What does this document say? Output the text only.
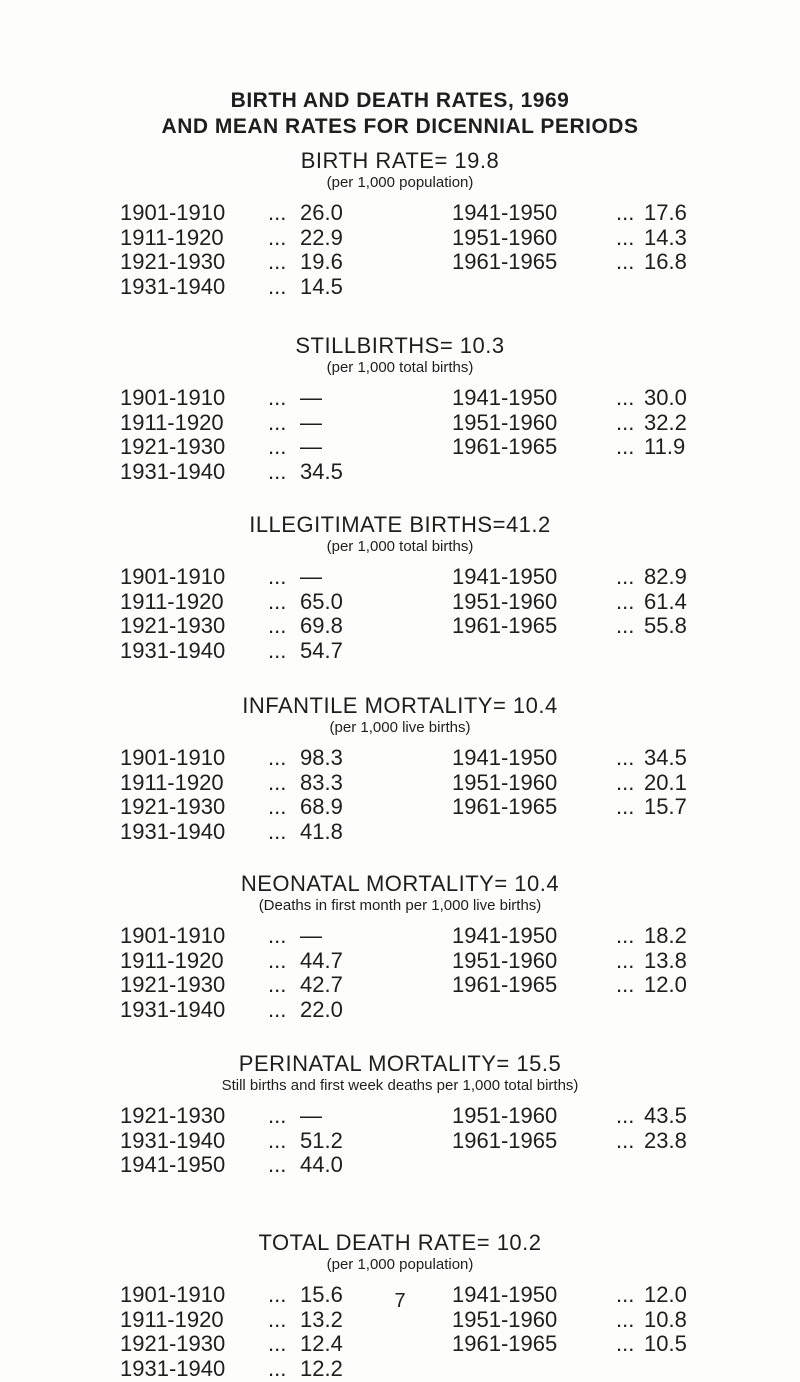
BIRTH AND DEATH RATES, 1969
AND MEAN RATES FOR DICENNIAL PERIODS
BIRTH RATE= 19.8
(per 1,000 population)
1901-1910 ... 26.0	1941-1950	... 17.6
1911-1920 ... 22.9	1951-1960	... 14.3
1921-1930 ... 19.6	1961-1965	... 16.8
1931-1940 ... 14.5
STILLBIRTHS= 10.3
(per 1,000 total births)
1901-1910 ... —	1941-1950	... 30.0
1911-1920 ... —	1951-1960	... 32.2
1921-1930 ... —	1961-1965	... 11.9
1931-1940 ... 34.5
ILLEGITIMATE BIRTHS=41.2
(per 1,000 total births)
1901-1910 ... —	1941-1950	... 82.9
1911-1920 ... 65.0	1951-1960	... 61.4
1921-1930 ... 69.8	1961-1965	... 55.8
1931-1940 ... 54.7
INFANTILE MORTALITY= 10.4
(per 1,000 live births)
1901-1910 ... 98.3	1941-1950	... 34.5
1911-1920 ... 83.3	1951-1960	... 20.1
1921-1930 ... 68.9	1961-1965	... 15.7
1931-1940 ... 41.8
NEONATAL MORTALITY= 10.4
(Deaths in first month per 1,000 live births)
1901-1910 ... —	1941-1950	... 18.2
1911-1920 ... 44.7	1951-1960	... 13.8
1921-1930 ... 42.7	1961-1965	... 12.0
1931-1940 ... 22.0
PERINATAL MORTALITY= 15.5
Still births and first week deaths per 1,000 total births)
1921-1930 ... —	1951-1960	... 43.5
1931-1940 ... 51.2	1961-1965	... 23.8
1941-1950 ... 44.0
TOTAL DEATH RATE= 10.2
(per 1,000 population)
1901-1910 ... 15.6	1941-1950	... 12.0
1911-1920 ... 13.2	1951-1960	... 10.8
1921-1930 ... 12.4	1961-1965	... 10.5
1931-1940 ... 12.2
7
